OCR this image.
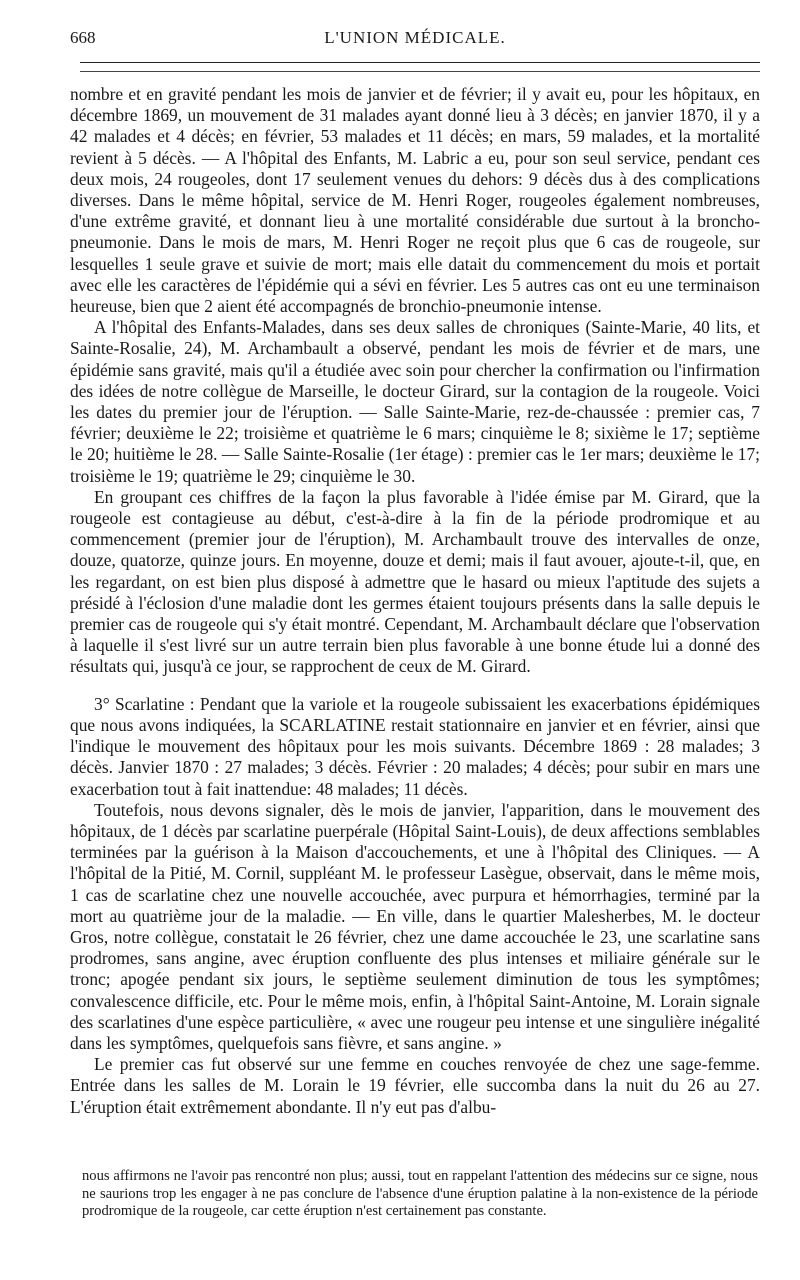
668	L'UNION MÉDICALE.

nombre et en gravité pendant les mois de janvier et de février; il y avait eu, pour les hôpitaux, en décembre 1869, un mouvement de 31 malades ayant donné lieu à 3 décès; en janvier 1870, il y a 42 malades et 4 décès; en février, 53 malades et 11 décès; en mars, 59 malades, et la mortalité revient à 5 décès. — A l'hôpital des Enfants, M. Labric a eu, pour son seul service, pendant ces deux mois, 24 rougeoles, dont 17 seulement venues du dehors: 9 décès dus à des complications diverses. Dans le même hôpital, service de M. Henri Roger, rougeoles également nombreuses, d'une extrême gravité, et donnant lieu à une mortalité considérable due surtout à la broncho-pneumonie. Dans le mois de mars, M. Henri Roger ne reçoit plus que 6 cas de rougeole, sur lesquelles 1 seule grave et suivie de mort; mais elle datait du commencement du mois et portait avec elle les caractères de l'épidémie qui a sévi en février. Les 5 autres cas ont eu une terminaison heureuse, bien que 2 aient été accompagnés de bronchio-pneumonie intense.

A l'hôpital des Enfants-Malades, dans ses deux salles de chroniques (Sainte-Marie, 40 lits, et Sainte-Rosalie, 24), M. Archambault a observé, pendant les mois de février et de mars, une épidémie sans gravité, mais qu'il a étudiée avec soin pour chercher la confirmation ou l'infirmation des idées de notre collègue de Marseille, le docteur Girard, sur la contagion de la rougeole. Voici les dates du premier jour de l'éruption. — Salle Sainte-Marie, rez-de-chaussée : premier cas, 7 février; deuxième le 22; troisième et quatrième le 6 mars; cinquième le 8; sixième le 17; septième le 20; huitième le 28. — Salle Sainte-Rosalie (1er étage) : premier cas le 1er mars; deuxième le 17; troisième le 19; quatrième le 29; cinquième le 30.

En groupant ces chiffres de la façon la plus favorable à l'idée émise par M. Girard, que la rougeole est contagieuse au début, c'est-à-dire à la fin de la période prodromique et au commencement (premier jour de l'éruption), M. Archambault trouve des intervalles de onze, douze, quatorze, quinze jours. En moyenne, douze et demi; mais il faut avouer, ajoute-t-il, que, en les regardant, on est bien plus disposé à admettre que le hasard ou mieux l'aptitude des sujets a présidé à l'éclosion d'une maladie dont les germes étaient toujours présents dans la salle depuis le premier cas de rougeole qui s'y était montré. Cependant, M. Archambault déclare que l'observation à laquelle il s'est livré sur un autre terrain bien plus favorable à une bonne étude lui a donné des résultats qui, jusqu'à ce jour, se rapprochent de ceux de M. Girard.

3° Scarlatine : Pendant que la variole et la rougeole subissaient les exacerbations épidémiques que nous avons indiquées, la SCARLATINE restait stationnaire en janvier et en février, ainsi que l'indique le mouvement des hôpitaux pour les mois suivants. Décembre 1869 : 28 malades; 3 décès. Janvier 1870 : 27 malades; 3 décès. Février : 20 malades; 4 décès; pour subir en mars une exacerbation tout à fait inattendue: 48 malades; 11 décès.

Toutefois, nous devons signaler, dès le mois de janvier, l'apparition, dans le mouvement des hôpitaux, de 1 décès par scarlatine puerpérale (Hôpital Saint-Louis), de deux affections semblables terminées par la guérison à la Maison d'accouchements, et une à l'hôpital des Cliniques. — A l'hôpital de la Pitié, M. Cornil, suppléant M. le professeur Lasègue, observait, dans le même mois, 1 cas de scarlatine chez une nouvelle accouchée, avec purpura et hémorrhagies, terminé par la mort au quatrième jour de la maladie. — En ville, dans le quartier Malesherbes, M. le docteur Gros, notre collègue, constatait le 26 février, chez une dame accouchée le 23, une scarlatine sans prodromes, sans angine, avec éruption confluente des plus intenses et miliaire générale sur le tronc; apogée pendant six jours, le septième seulement diminution de tous les symptômes; convalescence difficile, etc. Pour le même mois, enfin, à l'hôpital Saint-Antoine, M. Lorain signale des scarlatines d'une espèce particulière, « avec une rougeur peu intense et une singulière inégalité dans les symptômes, quelquefois sans fièvre, et sans angine. »

Le premier cas fut observé sur une femme en couches renvoyée de chez une sage-femme. Entrée dans les salles de M. Lorain le 19 février, elle succomba dans la nuit du 26 au 27. L'éruption était extrêmement abondante. Il n'y eut pas d'albu-

nous affirmons ne l'avoir pas rencontré non plus; aussi, tout en rappelant l'attention des médecins sur ce signe, nous ne saurions trop les engager à ne pas conclure de l'absence d'une éruption palatine à la non-existence de la période prodromique de la rougeole, car cette éruption n'est certainement pas constante.
